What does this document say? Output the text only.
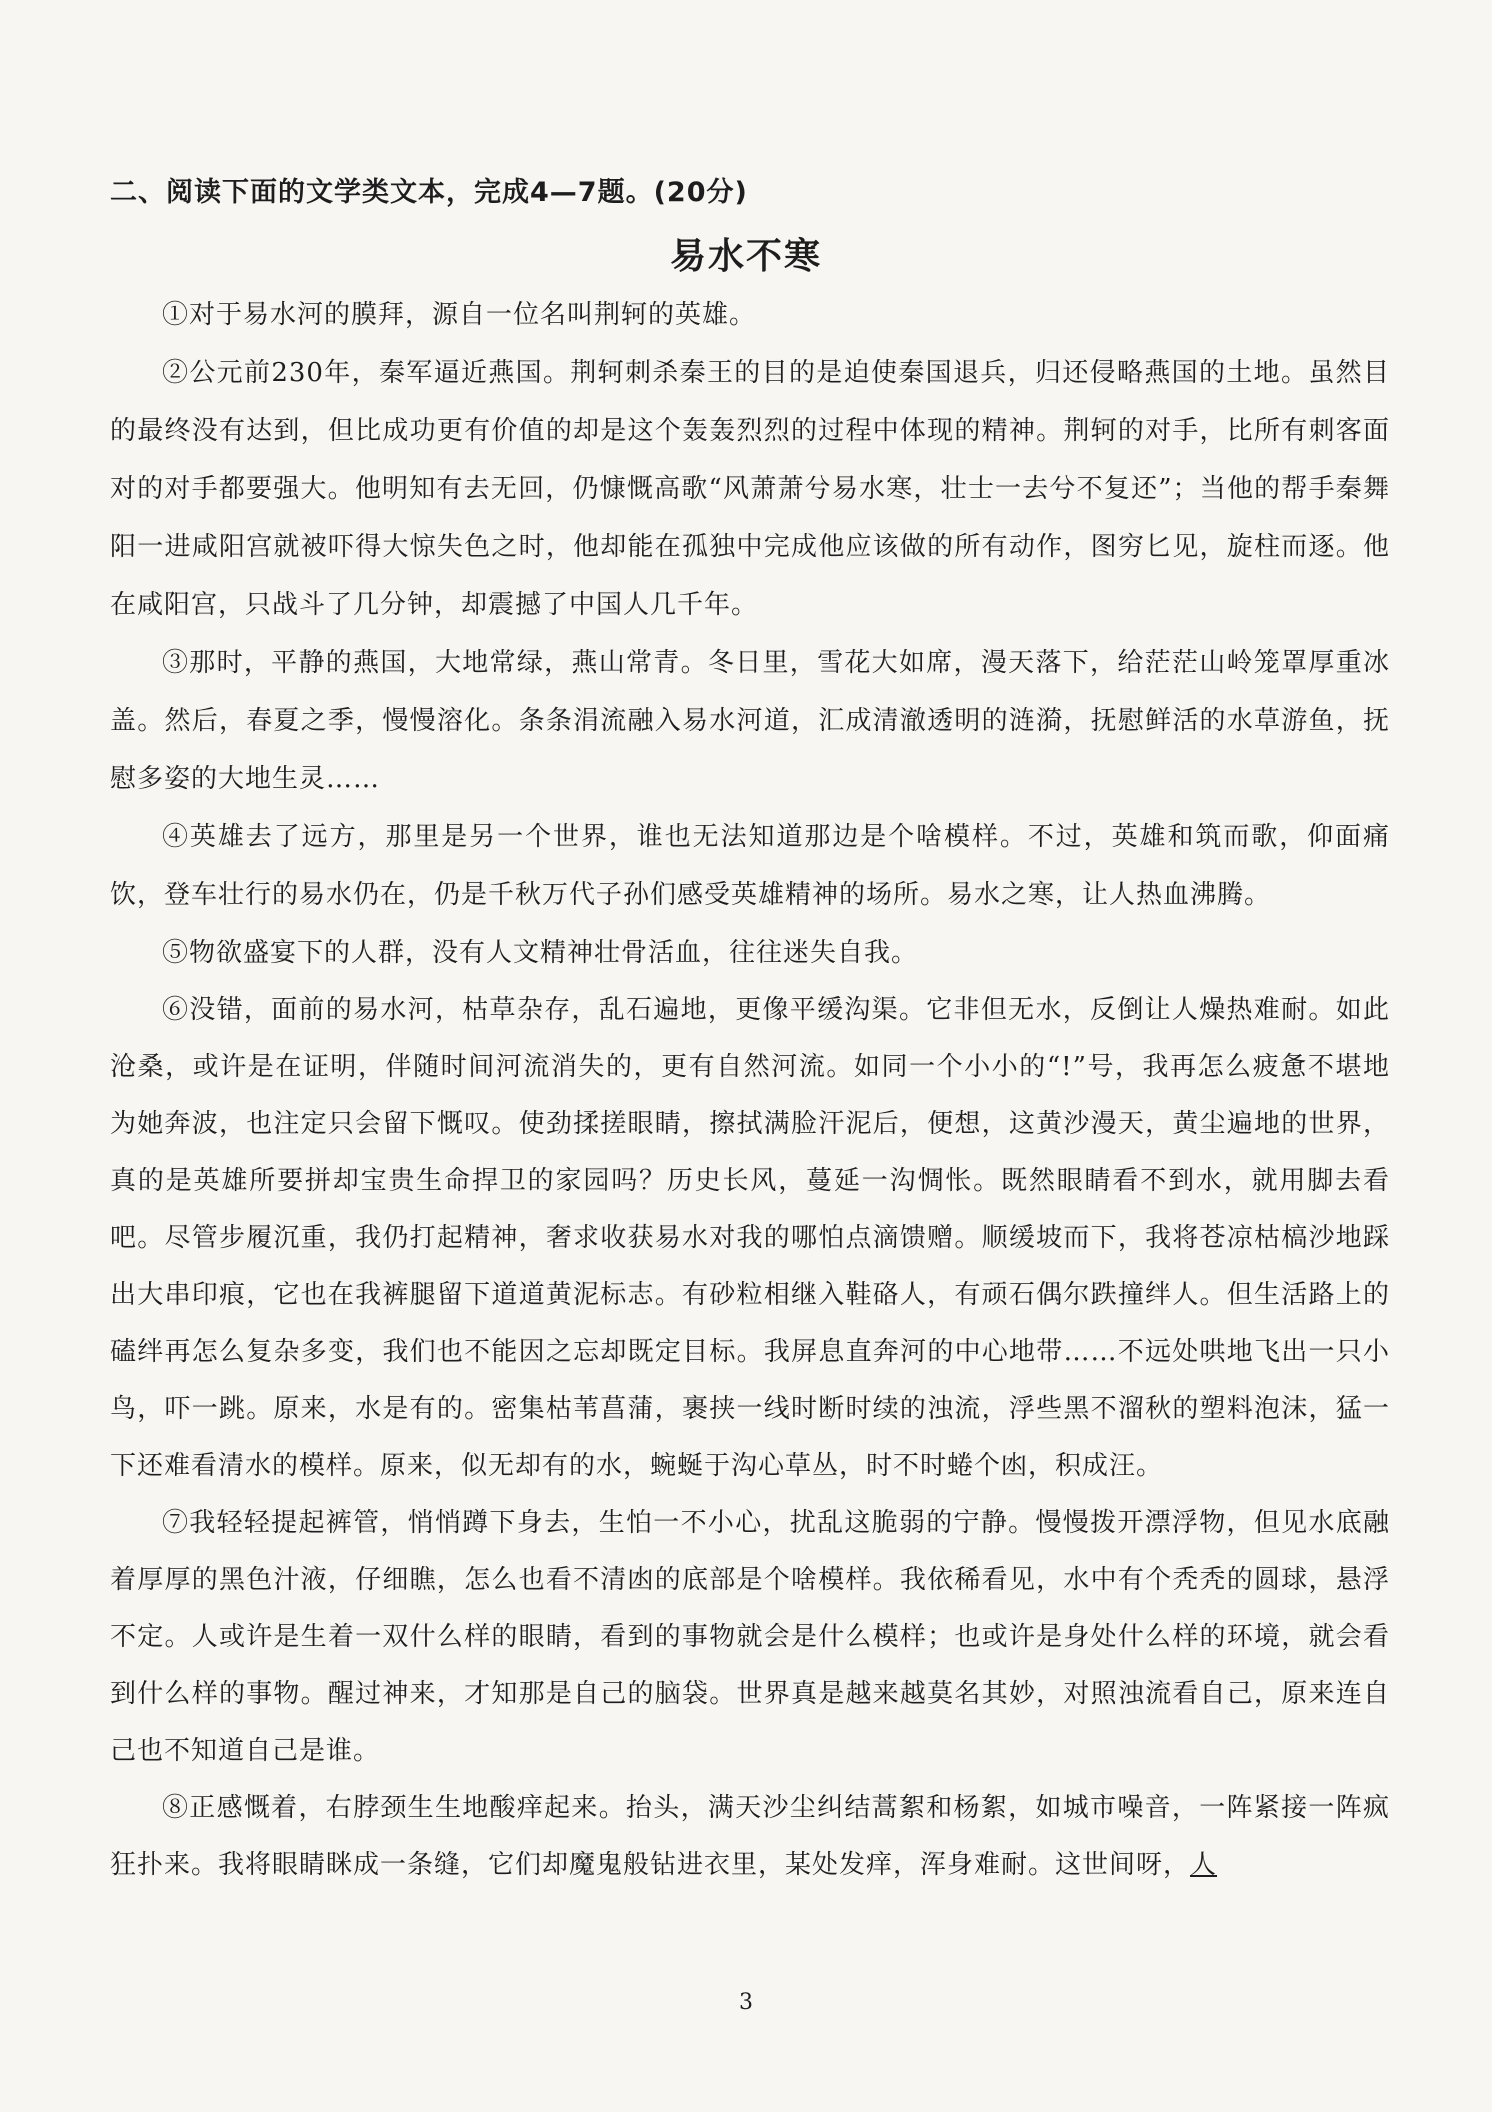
二、阅读下面的文学类文本，完成4—7题。(20分)
易水不寒

①对于易水河的膜拜，源自一位名叫荆轲的英雄。

②公元前230年，秦军逼近燕国。荆轲刺杀秦王的目的是迫使秦国退兵，归还侵略燕国的土地。虽然目的最终没有达到，但比成功更有价值的却是这个轰轰烈烈的过程中体现的精神。荆轲的对手，比所有刺客面对的对手都要强大。他明知有去无回，仍慷慨高歌“风萧萧兮易水寒，壮士一去兮不复还”；当他的帮手秦舞阳一进咸阳宫就被吓得大惊失色之时，他却能在孤独中完成他应该做的所有动作，图穷匕见，旋柱而逐。他在咸阳宫，只战斗了几分钟，却震撼了中国人几千年。

③那时，平静的燕国，大地常绿，燕山常青。冬日里，雪花大如席，漫天落下，给茫茫山岭笼罩厚重冰盖。然后，春夏之季，慢慢溶化。条条涓流融入易水河道，汇成清澈透明的涟漪，抚慰鲜活的水草游鱼，抚慰多姿的大地生灵……

④英雄去了远方，那里是另一个世界，谁也无法知道那边是个啥模样。不过，英雄和筑而歌，仰面痛饮，登车壮行的易水仍在，仍是千秋万代子孙们感受英雄精神的场所。易水之寒，让人热血沸腾。

⑤物欲盛宴下的人群，没有人文精神壮骨活血，往往迷失自我。

⑥没错，面前的易水河，枯草杂存，乱石遍地，更像平缓沟渠。它非但无水，反倒让人燥热难耐。如此沧桑，或许是在证明，伴随时间河流消失的，更有自然河流。如同一个小小的“!”号，我再怎么疲惫不堪地为她奔波，也注定只会留下慨叹。使劲揉搓眼睛，擦拭满脸汗泥后，便想，这黄沙漫天，黄尘遍地的世界，真的是英雄所要拼却宝贵生命捍卫的家园吗？历史长风，蔓延一沟惆怅。既然眼睛看不到水，就用脚去看吧。尽管步履沉重，我仍打起精神，奢求收获易水对我的哪怕点滴馈赠。顺缓坡而下，我将苍凉枯槁沙地踩出大串印痕，它也在我裤腿留下道道黄泥标志。有砂粒相继入鞋硌人，有顽石偶尔跌撞绊人。但生活路上的磕绊再怎么复杂多变，我们也不能因之忘却既定目标。我屏息直奔河的中心地带……不远处哄地飞出一只小鸟，吓一跳。原来，水是有的。密集枯苇菖蒲，裹挟一线时断时续的浊流，浮些黑不溜秋的塑料泡沫，猛一下还难看清水的模样。原来，似无却有的水，蜿蜒于沟心草丛，时不时蜷个凼，积成汪。

⑦我轻轻提起裤管，悄悄蹲下身去，生怕一不小心，扰乱这脆弱的宁静。慢慢拨开漂浮物，但见水底融着厚厚的黑色汁液，仔细瞧，怎么也看不清凼的底部是个啥模样。我依稀看见，水中有个秃秃的圆球，悬浮不定。人或许是生着一双什么样的眼睛，看到的事物就会是什么模样；也或许是身处什么样的环境，就会看到什么样的事物。醒过神来，才知那是自己的脑袋。世界真是越来越莫名其妙，对照浊流看自己，原来连自己也不知道自己是谁。

⑧正感慨着，右脖颈生生地酸痒起来。抬头，满天沙尘纠结蒿絮和杨絮，如城市噪音，一阵紧接一阵疯狂扑来。我将眼睛眯成一条缝，它们却魔鬼般钻进衣里，某处发痒，浑身难耐。这世间呀，人

3
